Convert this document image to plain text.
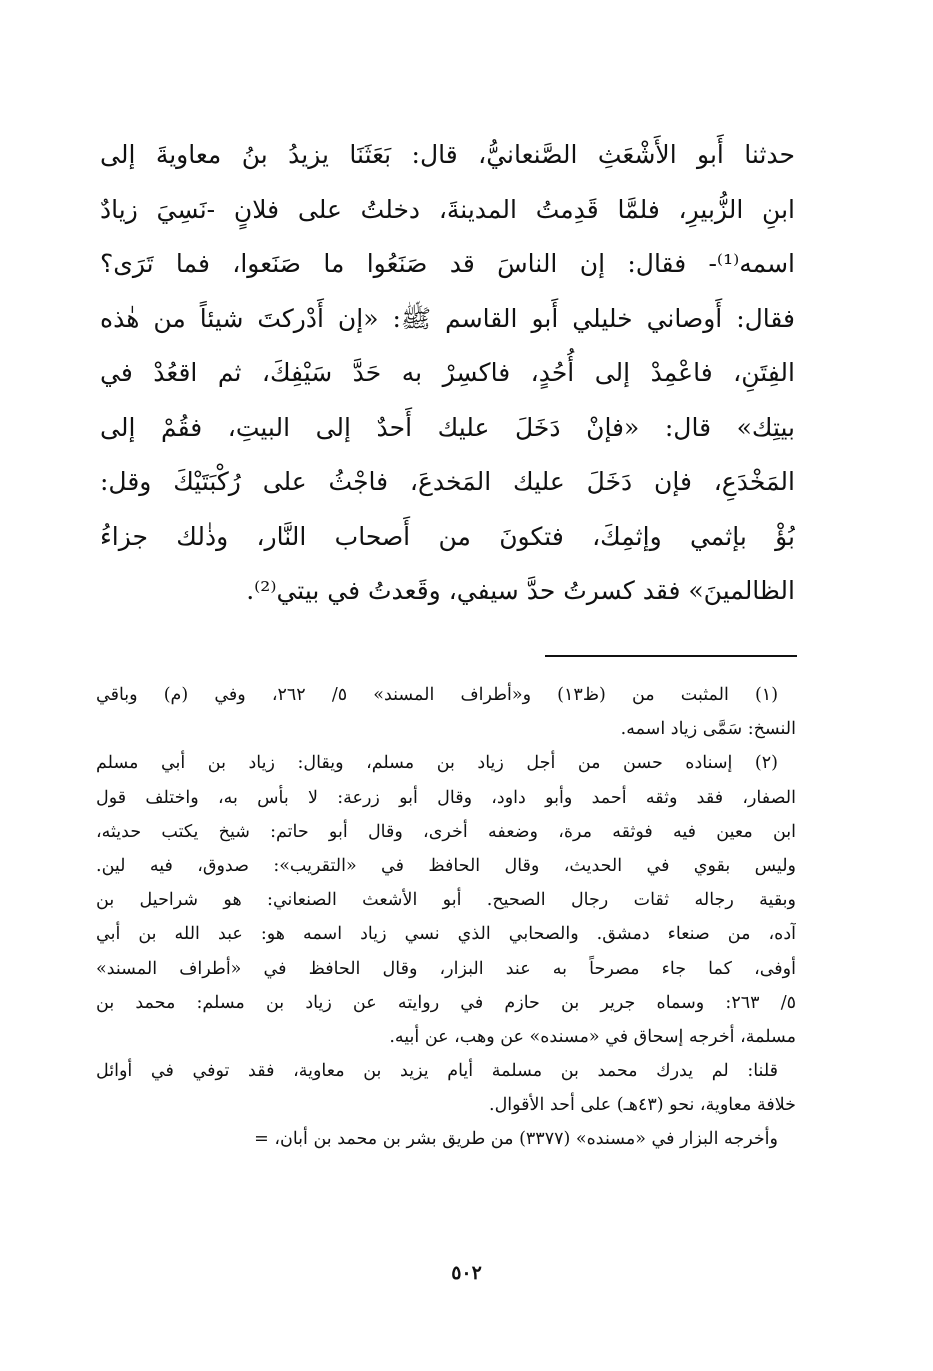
حدثنا أَبو الأَشْعَثِ الصَّنعانيُّ، قال: بَعَثَنَا يزيدُ بنُ معاويةَ إلى
ابنِ الزُّبيرِ، فلمَّا قَدِمتُ المدينةَ، دخلتُ على فلانٍ -نَسِيَ زيادٌ
اسمه⁽¹⁾- فقال: إن الناسَ قد صَنَعُوا ما صَنَعوا، فما تَرَى؟
فقال: أَوصاني خليلي أَبو القاسم ﷺ: «إن أَدْركتَ شيئاً من هٰذه
الفِتَنِ، فاعْمِدْ إلى أُحُدٍ، فاكسِرْ به حَدَّ سَيْفِكَ، ثم اقعُدْ في
بيتِك» قال: «فإنْ دَخَلَ عليك أَحدٌ إلى البيتِ، فقُمْ إلى
المَخْدَعِ، فإن دَخَلَ عليك المَخدعَ، فاجْثُ على رُكْبَتَيْكَ وقل:
بُؤْ بإثمي وإثمِكَ، فتكونَ من أَصحاب النَّار، وذٰلك جزاءُ
الظالمينَ» فقد كسرتُ حدَّ سيفي، وقَعدتُ في بيتي⁽²⁾.
(١) المثبت من (ظ١٣) و«أطراف المسند» ٥/ ٢٦٢، وفي (م) وباقي
النسخ: سَمَّى زياد اسمه.
(٢) إسناده حسن من أجل زياد بن مسلم، ويقال: زياد بن أبي مسلم
الصفار، فقد وثقه أحمد وأبو داود، وقال أبو زرعة: لا بأس به، واختلف قول
ابن معين فيه فوثقه مرة، وضعفه أخرى، وقال أبو حاتم: شيخ يكتب حديثه،
وليس بقوي في الحديث، وقال الحافظ في «التقريب»: صدوق، فيه لين.
وبقية رجاله ثقات رجال الصحيح. أبو الأشعث الصنعاني: هو شراحيل بن
آده، من صنعاء دمشق. والصحابي الذي نسي زياد اسمه هو: عبد الله بن أبي
أوفى، كما جاء مصرحاً به عند البزار، وقال الحافظ في «أطراف المسند»
٥/ ٢٦٣: وسماه جرير بن حازم في روايته عن زياد بن مسلم: محمد بن
مسلمة، أخرجه إسحاق في «مسنده» عن وهب، عن أبيه.
قلنا: لم يدرك محمد بن مسلمة أيام يزيد بن معاوية، فقد توفي في أوائل
خلافة معاوية، نحو (٤٣هـ) على أحد الأقوال.
وأخرجه البزار في «مسنده» (٣٣٧٧) من طريق بشر بن محمد بن أبان، =
٥٠٢
